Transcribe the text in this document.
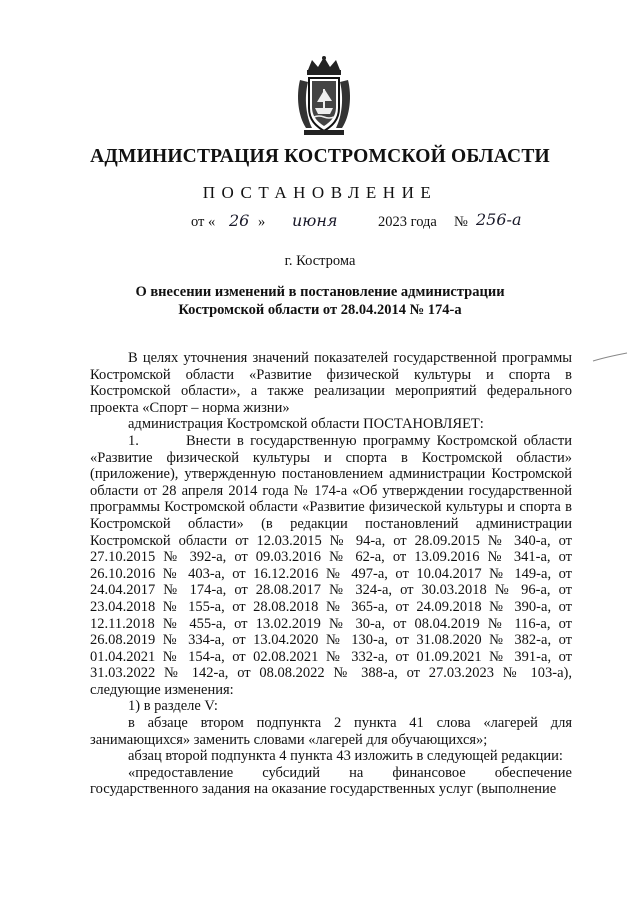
АДМИНИСТРАЦИЯ КОСТРОМСКОЙ ОБЛАСТИ
ПОСТАНОВЛЕНИЕ
от « 26 » июня	2023 года № 256-а
г. Кострома
О внесении изменений в постановление администрации
Костромской области от 28.04.2014 № 174-а

В целях уточнения значений показателей государственной программы Костромской области «Развитие физической культуры и спорта в Костромской области», а также реализации мероприятий федерального проекта «Спорт – норма жизни»

администрация Костромской области ПОСТАНОВЛЯЕТ:

1.	Внести в государственную программу Костромской области «Развитие физической культуры и спорта в Костромской области» (приложение), утвержденную постановлением администрации Костромской области от 28 апреля 2014 года № 174-а «Об утверждении государственной программы Костромской области «Развитие физической культуры и спорта в Костромской области» (в редакции постановлений администрации Костромской области от 12.03.2015 № 94-а, от 28.09.2015 № 340-а, от 27.10.2015 № 392-а, от 09.03.2016 № 62-а, от 13.09.2016 № 341-а, от 26.10.2016 № 403-а, от 16.12.2016 № 497-а, от 10.04.2017 № 149-а, от 24.04.2017 № 174-а, от 28.08.2017 № 324-а, от 30.03.2018 № 96-а, от 23.04.2018 № 155-а, от 28.08.2018 № 365-а, от 24.09.2018 № 390-а, от 12.11.2018 № 455-а, от 13.02.2019 № 30-а, от 08.04.2019 № 116-а, от 26.08.2019 № 334-а, от 13.04.2020 № 130-а, от 31.08.2020 № 382-а, от 01.04.2021 № 154-а, от 02.08.2021 № 332-а, от 01.09.2021 № 391-а, от 31.03.2022 № 142-а, от 08.08.2022 № 388-а, от 27.03.2023 № 103-а), следующие изменения:

1) в разделе V:

в абзаце втором подпункта 2 пункта 41 слова «лагерей для занимающихся» заменить словами «лагерей для обучающихся»;

абзац второй подпункта 4 пункта 43 изложить в следующей редакции:

«предоставление субсидий на финансовое обеспечение государственного задания на оказание государственных услуг (выполнение
